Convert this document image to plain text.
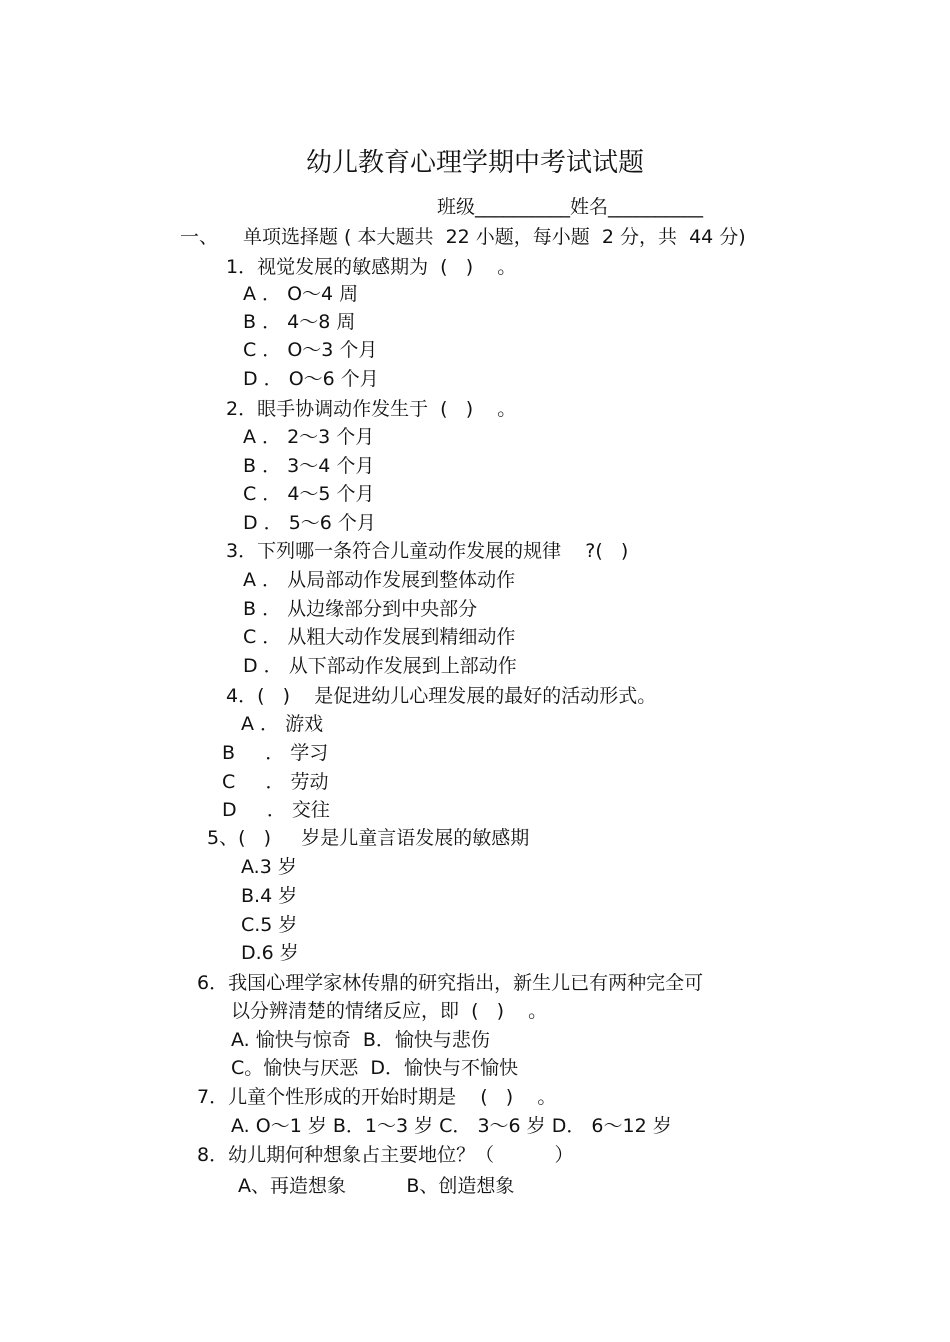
幼儿教育心理学期中考试试题
班级__________姓名__________
一、 单项选择题 ( 本大题共  22 小题，每小题  2 分，共  44 分)
1．视觉发展的敏感期为  (   )    。
A ． O～4 周
B ． 4～8 周
C ． O～3 个月
D ． O～6 个月
2．眼手协调动作发生于  (   )    。
A ． 2～3 个月
B ． 3～4 个月
C ． 4～5 个月
D ． 5～6 个月
3．下列哪一条符合儿童动作发展的规律    ?(   )
A ． 从局部动作发展到整体动作
B ． 从边缘部分到中央部分
C ． 从粗大动作发展到精细动作
D ． 从下部动作发展到上部动作
4．(   )    是促进幼儿心理发展的最好的活动形式。
A ． 游戏
B     ． 学习
C     ． 劳动
D     ． 交往
5、(   )     岁是儿童言语发展的敏感期
A.3 岁
B.4 岁
C.5 岁
D.6 岁
6．我国心理学家林传鼎的研究指出，新生儿已有两种完全可
以分辨清楚的情绪反应，即  (   )    。
A. 愉快与惊奇  B．愉快与悲伤
C。愉快与厌恶  D．愉快与不愉快
7．儿童个性形成的开始时期是    (   )    。
A. O～1 岁 B．1～3 岁 C． 3～6 岁 D． 6～12 岁
8．幼儿期何种想象占主要地位？（          ）
A、再造想象          B、创造想象
